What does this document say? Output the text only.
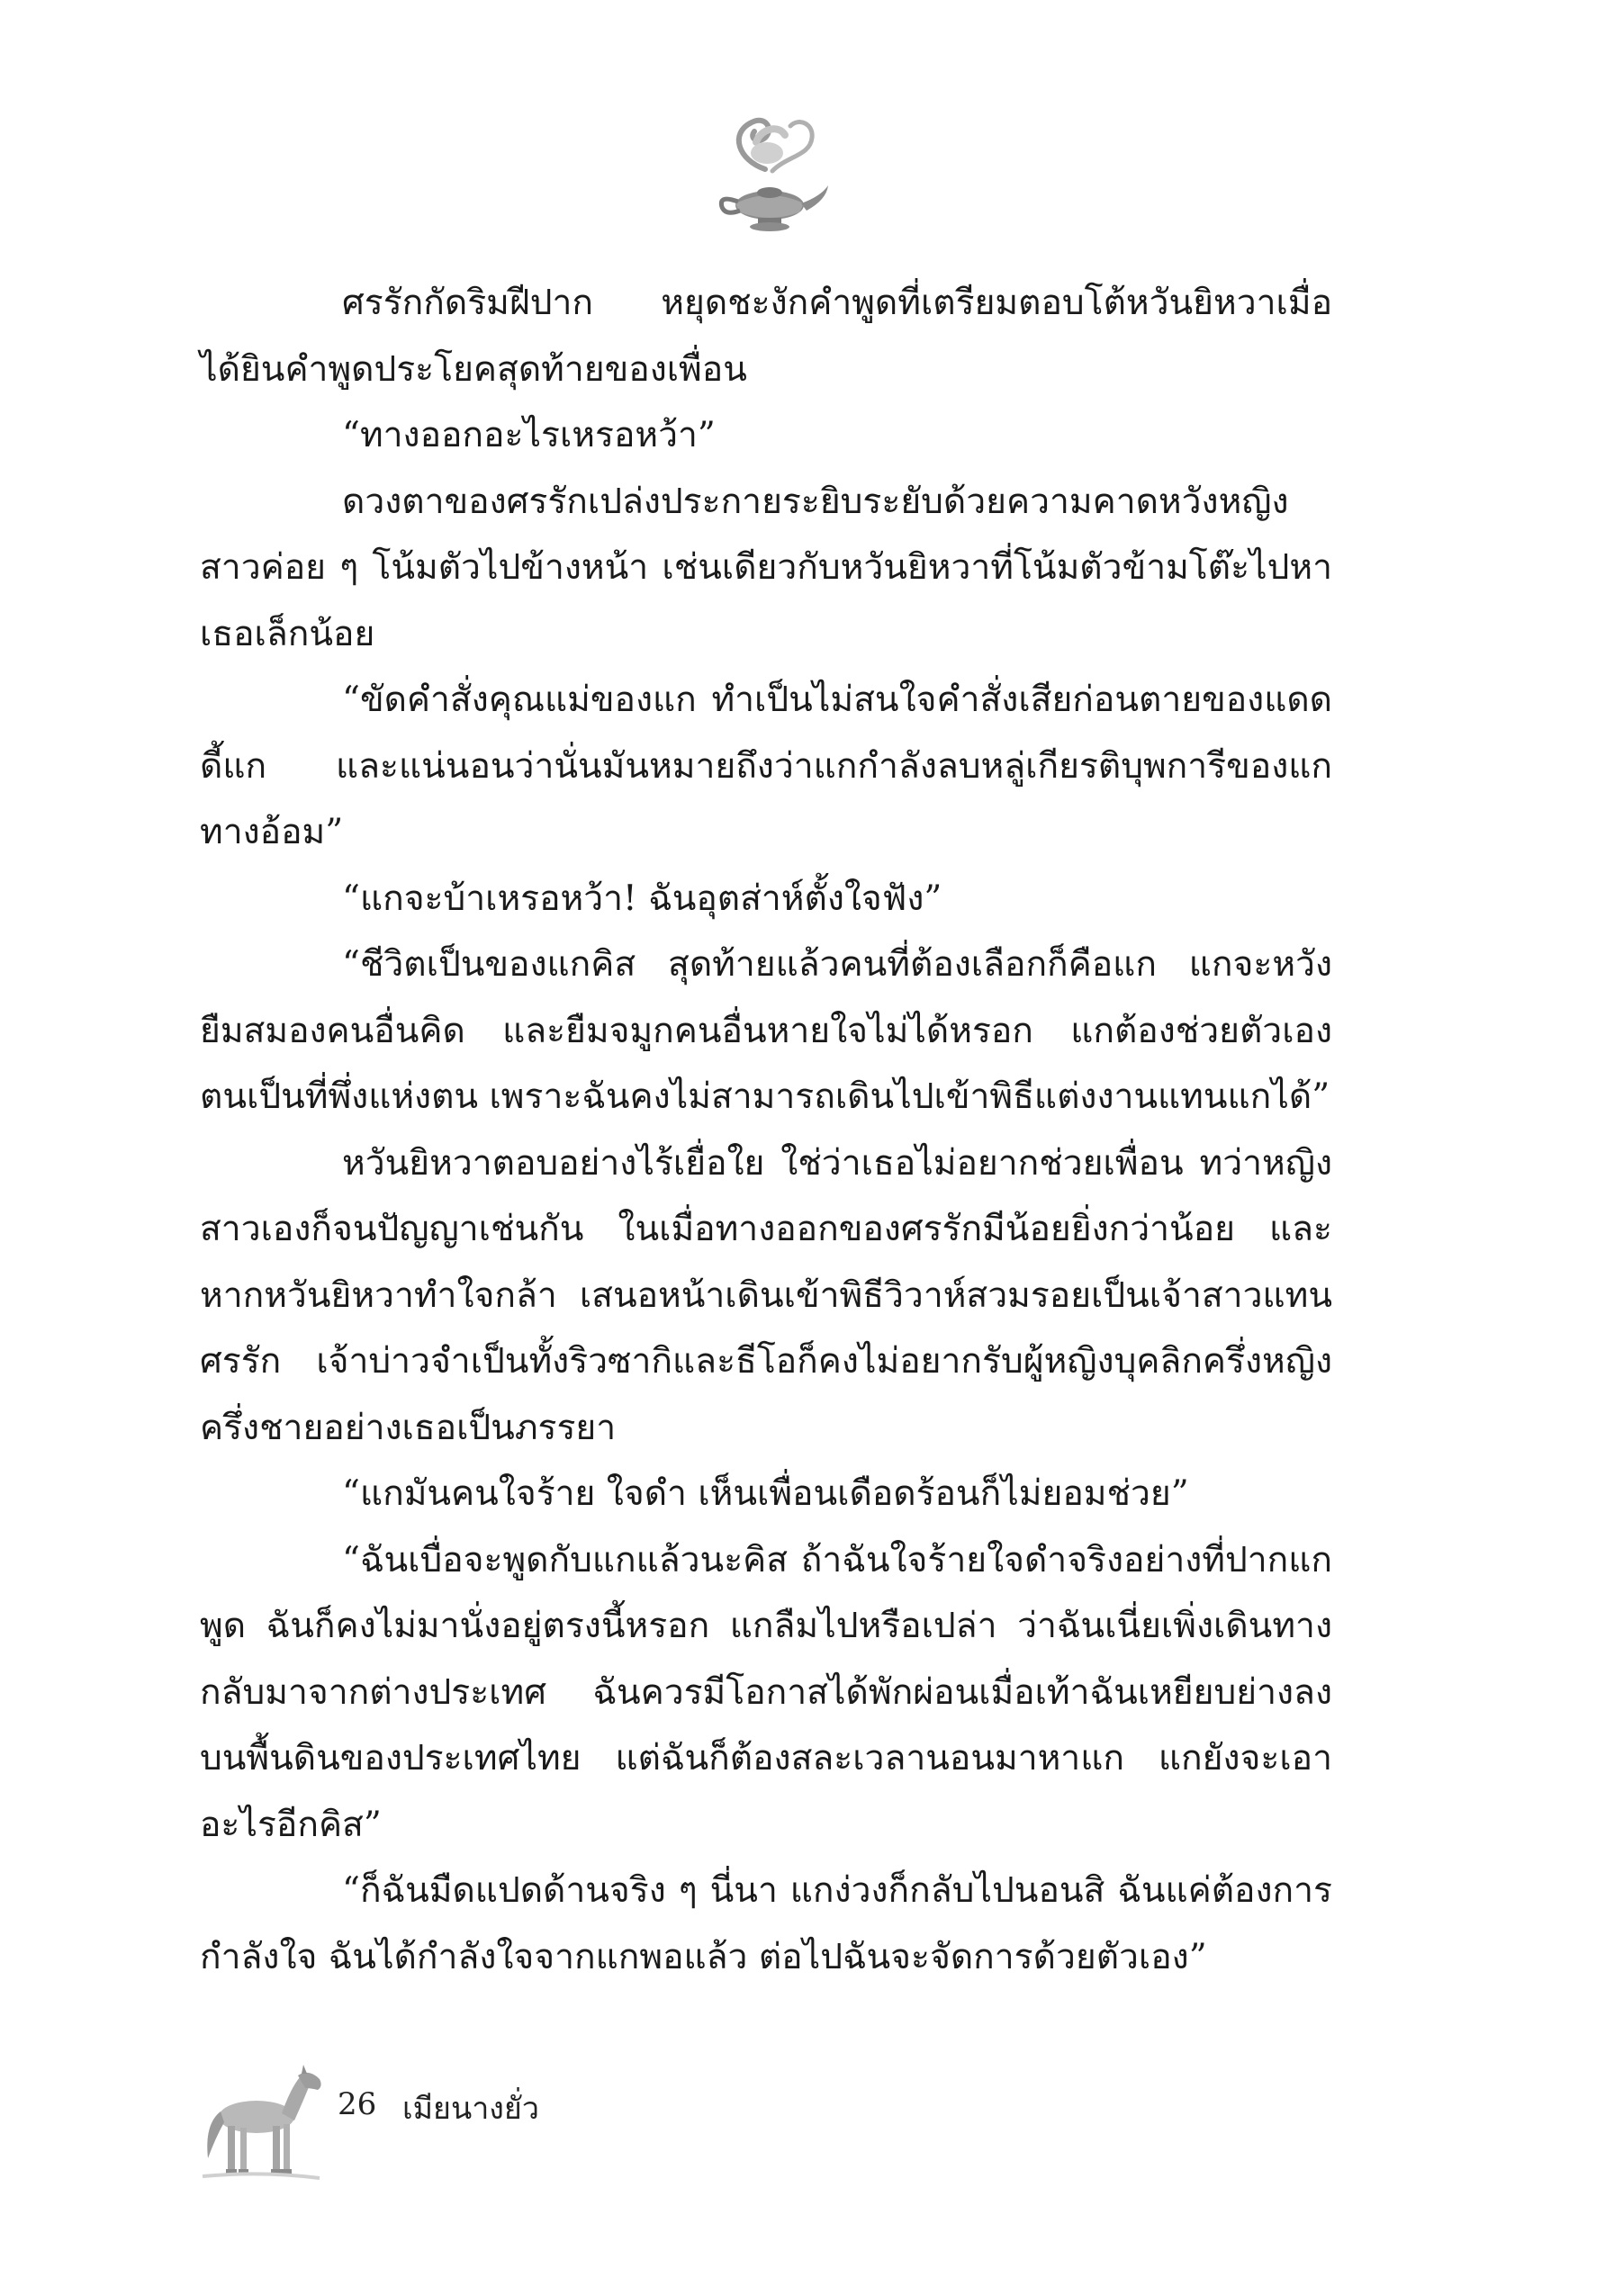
ศรรักกัดริมฝีปาก หยุดชะงักคำพูดที่เตรียมตอบโต้หวันยิหวาเมื่อได้ยินคำพูดประโยคสุดท้ายของเพื่อน

“ทางออกอะไรเหรอหว้า”

ดวงตาของศรรักเปล่งประกายระยิบระยับด้วยความคาดหวังหญิงสาวค่อย ๆ โน้มตัวไปข้างหน้า เช่นเดียวกับหวันยิหวาที่โน้มตัวข้ามโต๊ะไปหาเธอเล็กน้อย

“ขัดคำสั่งคุณแม่ของแก ทำเป็นไม่สนใจคำสั่งเสียก่อนตายของแดดดี้แก และแน่นอนว่านั่นมันหมายถึงว่าแกกำลังลบหลู่เกียรติบุพการีของแกทางอ้อม”

“แกจะบ้าเหรอหว้า! ฉันอุตส่าห์ตั้งใจฟัง”

“ชีวิตเป็นของแกคิส สุดท้ายแล้วคนที่ต้องเลือกก็คือแก แกจะหวังยืมสมองคนอื่นคิด และยืมจมูกคนอื่นหายใจไม่ได้หรอก แกต้องช่วยตัวเอง ตนเป็นที่พึ่งแห่งตน เพราะฉันคงไม่สามารถเดินไปเข้าพิธีแต่งงานแทนแกได้”

หวันยิหวาตอบอย่างไร้เยื่อใย ใช่ว่าเธอไม่อยากช่วยเพื่อน ทว่าหญิงสาวเองก็จนปัญญาเช่นกัน ในเมื่อทางออกของศรรักมีน้อยยิ่งกว่าน้อย และหากหวันยิหวาทำใจกล้า เสนอหน้าเดินเข้าพิธีวิวาห์สวมรอยเป็นเจ้าสาวแทนศรรัก เจ้าบ่าวจำเป็นทั้งริวซากิและธีโอก็คงไม่อยากรับผู้หญิงบุคลิกครึ่งหญิงครึ่งชายอย่างเธอเป็นภรรยา

“แกมันคนใจร้าย ใจดำ เห็นเพื่อนเดือดร้อนก็ไม่ยอมช่วย”

“ฉันเบื่อจะพูดกับแกแล้วนะคิส ถ้าฉันใจร้ายใจดำจริงอย่างที่ปากแกพูด ฉันก็คงไม่มานั่งอยู่ตรงนี้หรอก แกลืมไปหรือเปล่า ว่าฉันเนี่ยเพิ่งเดินทางกลับมาจากต่างประเทศ ฉันควรมีโอกาสได้พักผ่อนเมื่อเท้าฉันเหยียบย่างลงบนพื้นดินของประเทศไทย แต่ฉันก็ต้องสละเวลานอนมาหาแก แกยังจะเอาอะไรอีกคิส”

“ก็ฉันมืดแปดด้านจริง ๆ นี่นา แกง่วงก็กลับไปนอนสิ ฉันแค่ต้องการกำลังใจ ฉันได้กำลังใจจากแกพอแล้ว ต่อไปฉันจะจัดการด้วยตัวเอง”

26 เมียนางยั่ว
